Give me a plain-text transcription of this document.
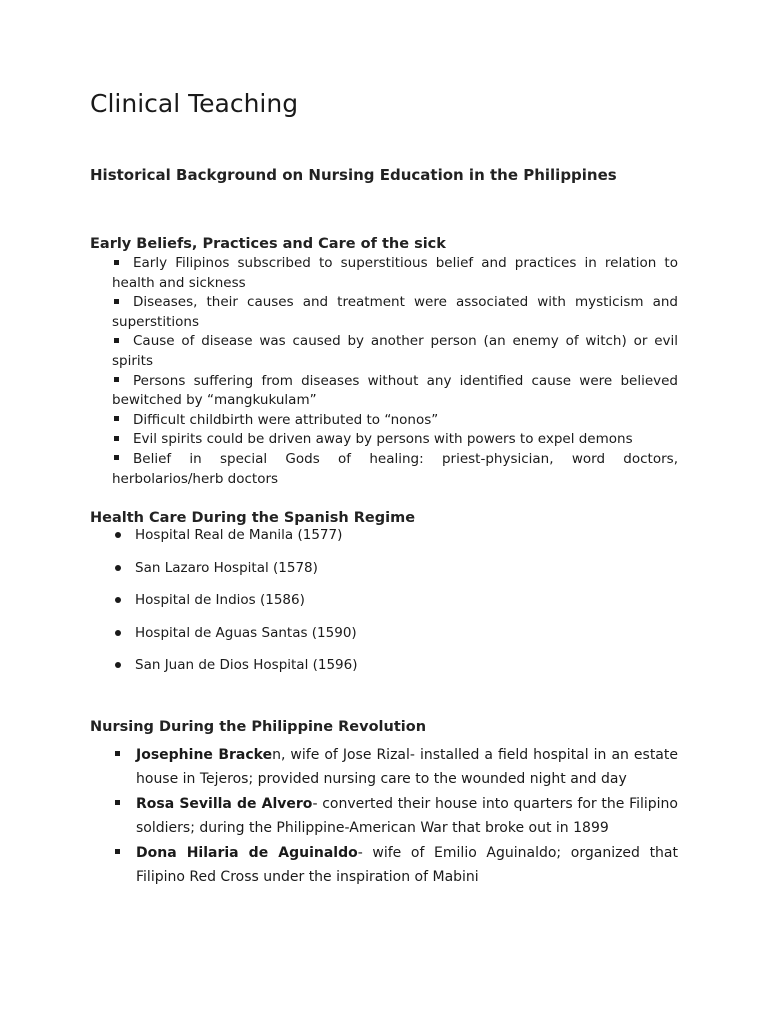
Clinical Teaching
Historical Background on Nursing Education in the Philippines
Early Beliefs, Practices and Care of the sick
Early Filipinos subscribed to superstitious belief and practices in relation to health and sickness
Diseases, their causes and treatment were associated with mysticism and superstitions
Cause of disease was caused by another person (an enemy of witch) or evil spirits
Persons suffering from diseases without any identified cause were believed bewitched by “mangkukulam”
Difficult childbirth were attributed to “nonos”
Evil spirits could be driven away by persons with powers to expel demons
Belief in special Gods of healing: priest-physician, word doctors, herbolarios/herb doctors
Health Care During the Spanish Regime
Hospital Real de Manila (1577)
San Lazaro Hospital (1578)
Hospital de Indios (1586)
Hospital de Aguas Santas (1590)
San Juan de Dios Hospital (1596)
Nursing During the Philippine Revolution
Josephine Bracken, wife of Jose Rizal- installed a field hospital in an estate house in Tejeros; provided nursing care to the wounded night and day
Rosa Sevilla de Alvero- converted their house into quarters for the Filipino soldiers; during the Philippine-American War that broke out in 1899
Dona Hilaria de Aguinaldo- wife of Emilio Aguinaldo; organized that Filipino Red Cross under the inspiration of Mabini
